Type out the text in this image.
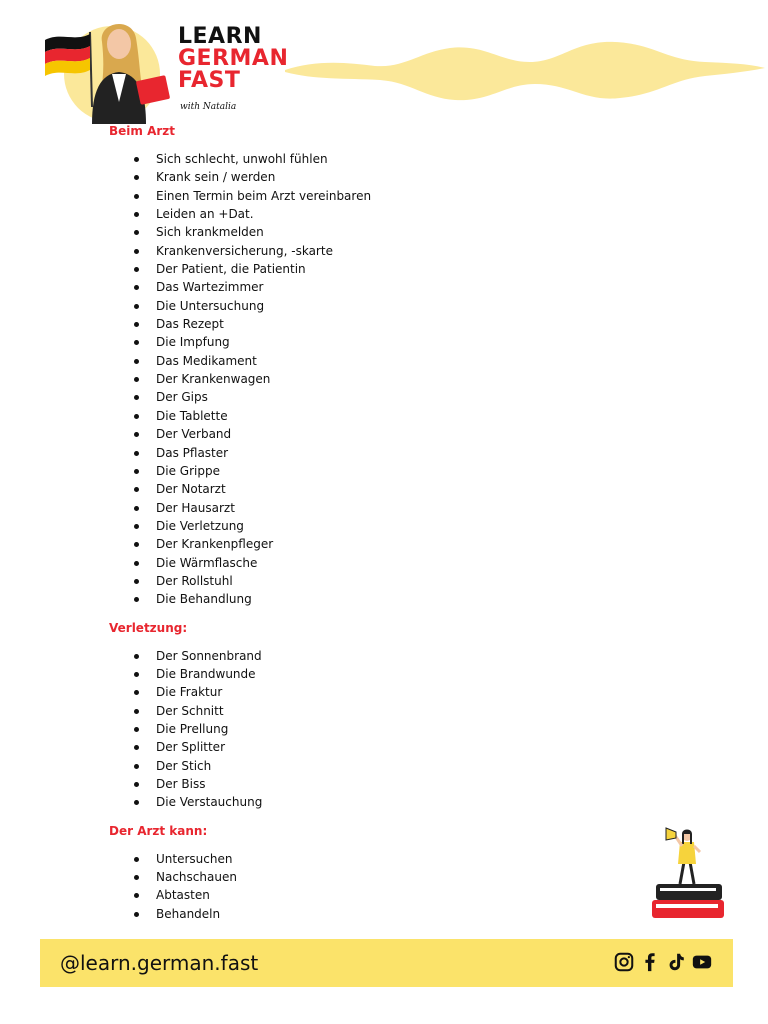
LEARN
GERMAN
FAST
with Natalia
Beim Arzt
Sich schlecht, unwohl fühlen
Krank sein / werden
Einen Termin beim Arzt vereinbaren
Leiden an +Dat.
Sich krankmelden
Krankenversicherung, -skarte
Der Patient, die Patientin
Das Wartezimmer
Die Untersuchung
Das Rezept
Die Impfung
Das Medikament
Der Krankenwagen
Der Gips
Die Tablette
Der Verband
Das Pflaster
Die Grippe
Der Notarzt
Der Hausarzt
Die Verletzung
Der Krankenpfleger
Die Wärmflasche
Der Rollstuhl
Die Behandlung
Verletzung:
Der Sonnenbrand
Die Brandwunde
Die Fraktur
Der Schnitt
Die Prellung
Der Splitter
Der Stich
Der Biss
Die Verstauchung
Der Arzt kann:
Untersuchen
Nachschauen
Abtasten
Behandeln
@learn.german.fast
